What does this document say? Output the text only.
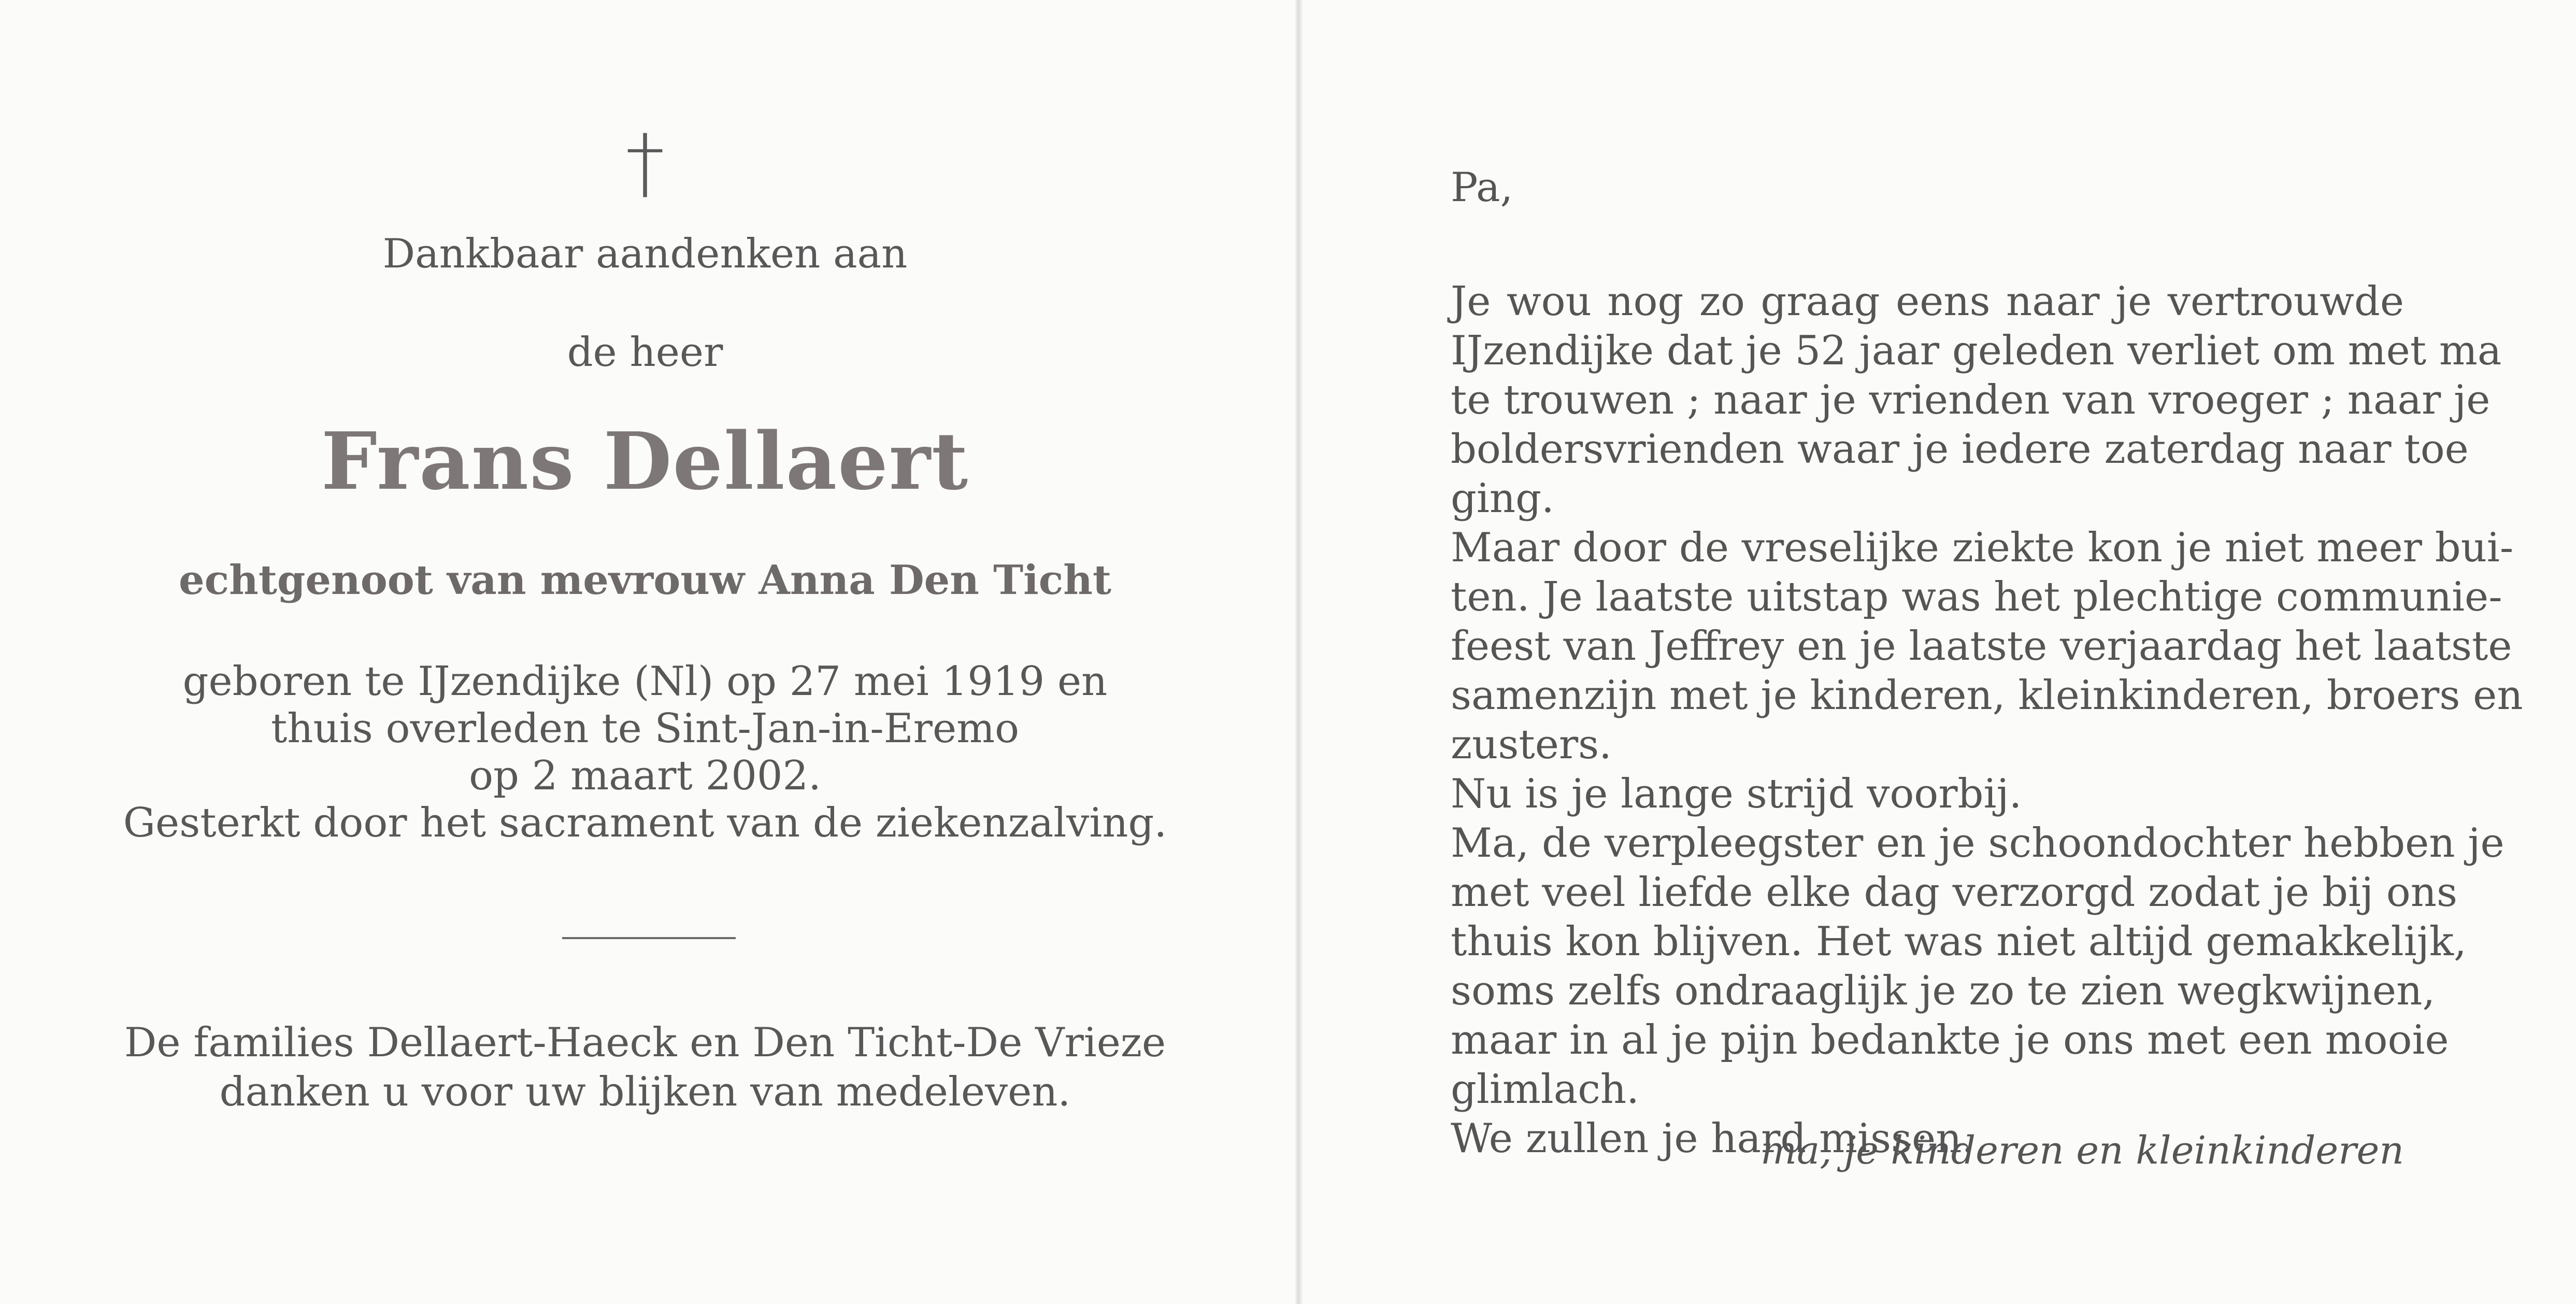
†

Dankbaar aandenken aan

de heer

Frans Dellaert

echtgenoot van mevrouw Anna Den Ticht

geboren te IJzendijke (Nl) op 27 mei 1919 en
thuis overleden te Sint-Jan-in-Eremo
op 2 maart 2002.
Gesterkt door het sacrament van de ziekenzalving.
De families Dellaert-Haeck en Den Ticht-De Vrieze
danken u voor uw blijken van medeleven.

Pa,

Je wou nog zo graag eens naar je vertrouwde
IJzendijke dat je 52 jaar geleden verliet om met ma
te trouwen ; naar je vrienden van vroeger ; naar je
boldersvrienden waar je iedere zaterdag naar toe
ging.
Maar door de vreselijke ziekte kon je niet meer bui-
ten. Je laatste uitstap was het plechtige communie-
feest van Jeffrey en je laatste verjaardag het laatste
samenzijn met je kinderen, kleinkinderen, broers en
zusters.
Nu is je lange strijd voorbij.
Ma, de verpleegster en je schoondochter hebben je
met veel liefde elke dag verzorgd zodat je bij ons
thuis kon blijven. Het was niet altijd gemakkelijk,
soms zelfs ondraaglijk je zo te zien wegkwijnen,
maar in al je pijn bedankte je ons met een mooie
glimlach.
We zullen je hard missen.
ma, je kinderen en kleinkinderen
